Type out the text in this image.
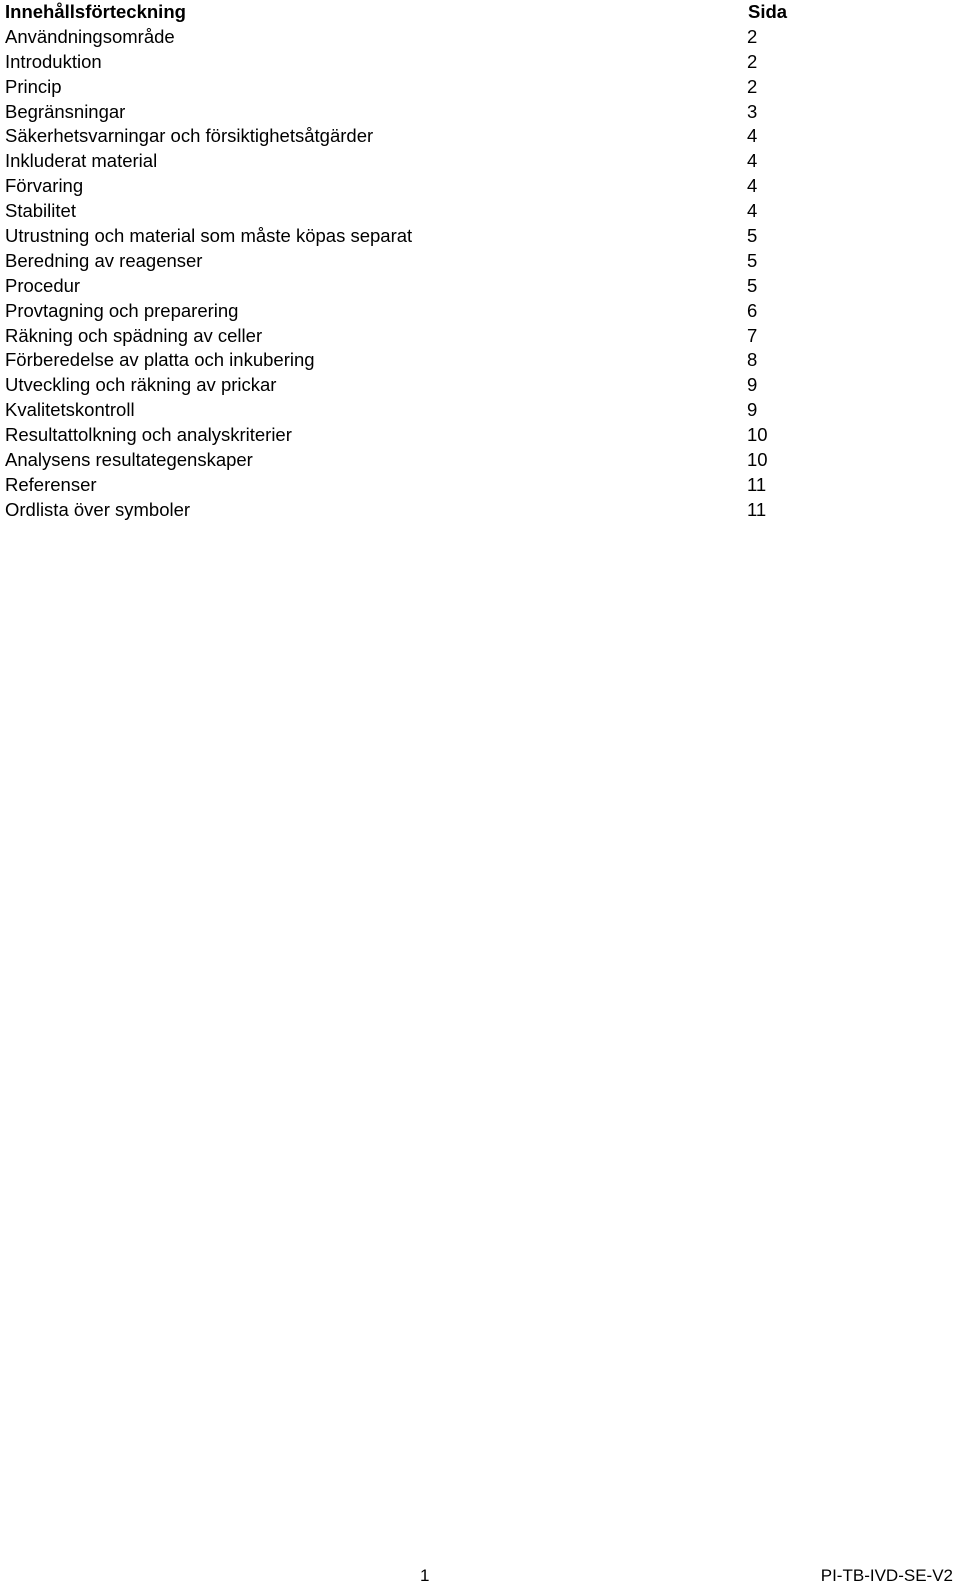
Innehållsförteckning	Sida
Användningsområde	2
Introduktion	2
Princip	2
Begränsningar	3
Säkerhetsvarningar och försiktighetsåtgärder	4
Inkluderat material	4
Förvaring	4
Stabilitet	4
Utrustning och material som måste köpas separat	5
Beredning av reagenser	5
Procedur	5
Provtagning och preparering	6
Räkning och spädning av celler	7
Förberedelse av platta och inkubering	8
Utveckling och räkning av prickar	9
Kvalitetskontroll	9
Resultattolkning och analyskriterier	10
Analysens resultategenskaper	10
Referenser	11
Ordlista över symboler	11
1	PI-TB-IVD-SE-V2
